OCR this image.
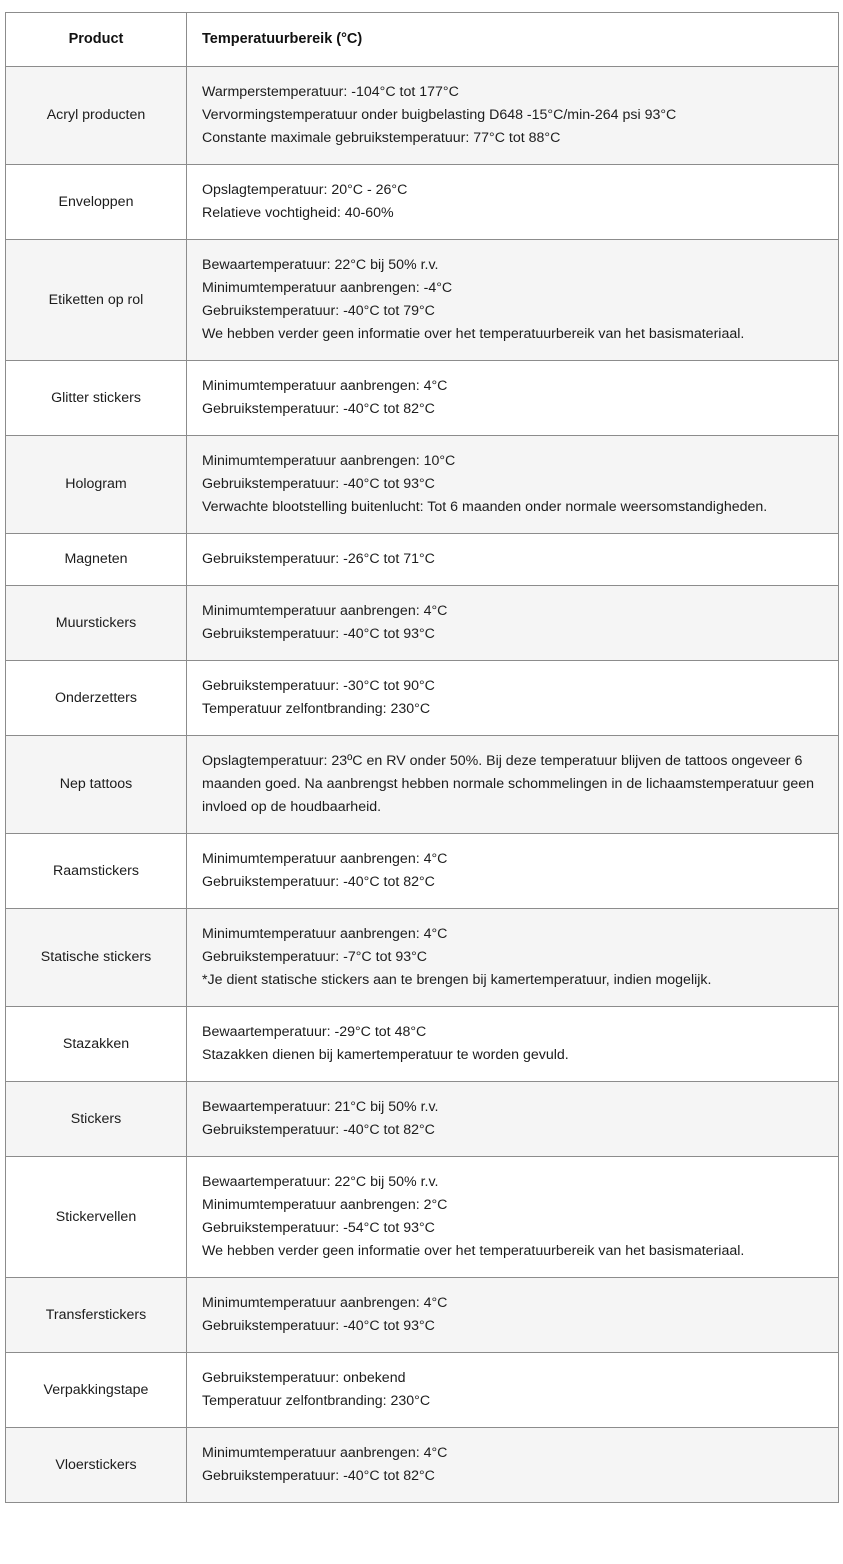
Product	Temperatuurbereik (°C)
Acryl producten	Warmperstemperatuur: -104°C tot 177°C
Vervormingstemperatuur onder buigbelasting D648 -15°C/min-264 psi 93°C
Constante maximale gebruikstemperatuur: 77°C tot 88°C

Enveloppen	Opslagtemperatuur: 20°C - 26°C
Relatieve vochtigheid: 40-60%

Etiketten op rol	Bewaartemperatuur: 22°C bij 50% r.v.
Minimumtemperatuur aanbrengen: -4°C
Gebruikstemperatuur: -40°C tot 79°C
We hebben verder geen informatie over het temperatuurbereik van het basismateriaal.

Glitter stickers	Minimumtemperatuur aanbrengen: 4°C
Gebruikstemperatuur: -40°C tot 82°C

Hologram	Minimumtemperatuur aanbrengen: 10°C
Gebruikstemperatuur: -40°C tot 93°C
Verwachte blootstelling buitenlucht: Tot 6 maanden onder normale weersomstandigheden.

Magneten	Gebruikstemperatuur: -26°C tot 71°C

Muurstickers	Minimumtemperatuur aanbrengen: 4°C
Gebruikstemperatuur: -40°C tot 93°C

Onderzetters	Gebruikstemperatuur: -30°C tot 90°C
Temperatuur zelfontbranding: 230°C

Nep tattoos	Opslagtemperatuur: 23ºC en RV onder 50%. Bij deze temperatuur blijven de tattoos ongeveer 6 maanden goed. Na aanbrengst hebben normale schommelingen in de lichaamstemperatuur geen invloed op de houdbaarheid.

Raamstickers	Minimumtemperatuur aanbrengen: 4°C
Gebruikstemperatuur: -40°C tot 82°C

Statische stickers	Minimumtemperatuur aanbrengen: 4°C
Gebruikstemperatuur: -7°C tot 93°C
*Je dient statische stickers aan te brengen bij kamertemperatuur, indien mogelijk.

Stazakken	Bewaartemperatuur: -29°C tot 48°C
Stazakken dienen bij kamertemperatuur te worden gevuld.

Stickers	Bewaartemperatuur: 21°C bij 50% r.v.
Gebruikstemperatuur: -40°C tot 82°C

Stickervellen	Bewaartemperatuur: 22°C bij 50% r.v.
Minimumtemperatuur aanbrengen: 2°C
Gebruikstemperatuur: -54°C tot 93°C
We hebben verder geen informatie over het temperatuurbereik van het basismateriaal.

Transferstickers	Minimumtemperatuur aanbrengen: 4°C
Gebruikstemperatuur: -40°C tot 93°C

Verpakkingstape	Gebruikstemperatuur: onbekend
Temperatuur zelfontbranding: 230°C

Vloerstickers	Minimumtemperatuur aanbrengen: 4°C
Gebruikstemperatuur: -40°C tot 82°C
